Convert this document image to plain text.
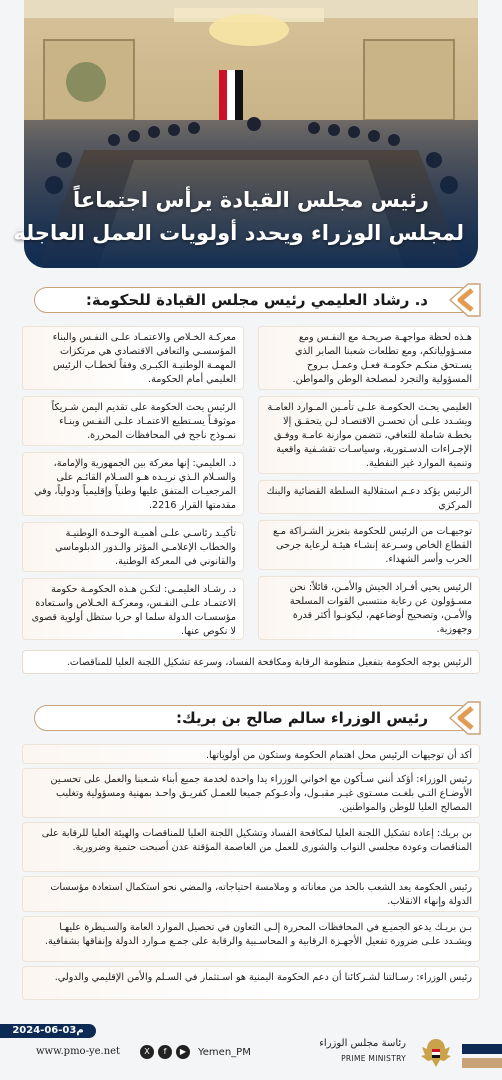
رئيس مجلس القيادة يرأس اجتماعاً
لمجلس الوزراء ويحدد أولويات العمل العاجلة
د. رشاد العليمي رئيس مجلس القيادة للحكومة:
هـذه لحظة مواجهـة صريحـة مع النفـس ومع مسـؤولياتكم، ومع تطلعات شعبنا الصابر الذي يسـتحق منكـم حكومـة فعـل وعمـل بـروح المسؤولية والتجرد لمصلحة الوطن والمواطن.
العليمي يحـث الحكومـة علـى تأمـين المـوارد العامـة ويشـدد علـى أن تحسـن الاقتصـاد لـن يتحقـق إلا بخطـة شاملة للتعافي، تتضمن موازنة عامـة ووفـق الإجـراءات الدسـتورية، وسياسـات تقشـفية واقعية وتنمية الموارد غير النفطية.
الرئيس يؤكد دعـم استقلالية السلطة القضائية والبنك المركزي
توجيهـات من الرئيس للحكومة بتعزيز الشـراكة مـع القطاع الخاص وسـرعة إنشـاء هيئـة لرعاية جرحى الحرب وأسر الشهداء.
الرئيس يحيي أفـراد الجيش والأمـن، قائلاً: نحن مسـؤولون عن رعاية منتسبي القوات المسلحة والأمـن، وتصحيح أوضاعهم، ليكونـوا أكثر قدرة وجهوزية.
معركـة الخـلاص والاعتمـاد علـى النفـس والبناء المؤسسـي والتعافي الاقتصادي هي مرتكزات المهمـة الوطنيـة الكبـرى وفقاً لخطـاب الرئيس العليمي أمام الحكومة.
الرئيس يحث الحكومة على تقديم اليمن شـريكاً موثوقـاً يسـتطيع الاعتمـاد علـى النفـس وبنـاء نمـوذج ناجح في المحافظات المحررة.
د. العليمي: إنها معركة بين الجمهورية والإمامة، والسـلام الـذي نريـده هـو السـلام القائـم على المرجعيـات المتفق عليها وطنياً وإقليمياً ودولياً، وفي مقدمتها القرار 2216.
تأكيـد رئاسـي علـى أهميـة الوحـدة الوطنيـة والخطاب الإعلامـي المؤثر والـدور الدبلوماسي والقانوني في المعركة الوطنية.
د. رشـاد العليمـي: لتكـن هـذه الحكومـة حكومة الاعتمـاد علـى النفـس، ومعركـة الخـلاص واسـتعادة مؤسسـات الدولة سلما او حربا ستظل أولوية قصوى لا نكوص عنها.
الرئيس يوجه الحكومة بتفعيل منظومة الرقابة ومكافحة الفساد، وسرعة تشكيل اللجنة العليا للمناقصات.
رئيس الوزراء سالم صالح بن بريك:
أكد أن توجيهات الرئيس محل اهتمام الحكومة وستكون من أولوياتها.
رئيس الوزراء: أؤكد أنني سـأكون مع اخواني الوزراء يدا واحدة لخدمة جميع أبناء شـعبنا والعمل على تحسـين الأوضـاع التـي بلغـت مسـتوى غيـر مقبـول، وأدعـوكم جميعا للعمـل كفريـق واحـد بمهنية ومسؤولية وتغليب المصالح العليا للوطن والمواطنين.
بن بريك: إعادة تشكيل اللجنة العليا لمكافحة الفساد وتشكيل اللجنة العليا للمناقصات والهيئة العليا للرقابة على المناقصات وعودة مجلسي النواب والشورى للعمل من العاصمة المؤقتة عدن أصبحت حتمية وضرورية.
رئيس الحكومة يعد الشعب بالحد من معاناته و وملامسة احتياجاته، والمضي نحو استكمال استعادة مؤسسات الدولة وإنهاء الانقلاب.
بـن بريـك يدعو الجميـع في المحافظات المحررة إلـى التعاون في تحصيل الموارد العامة والسـيطرة عليهـا ويشـدد علـى ضرورة تفعيل الأجهـزة الرقابية و المحاسـبية والرقابة على جمـع مـوارد الدولة وإنفاقها بشفافية.
رئيس الوزراء: رسـالتنا لشـركائنا أن دعم الحكومة اليمنية هو اسـتثمار في السـلم والأمن الإقليمي والدولي.
2024-06-03م
www.pmo-ye.net	X	f	▶	Yemen_PM
رئاسة مجلس الوزراء
PRIME MINISTRY
